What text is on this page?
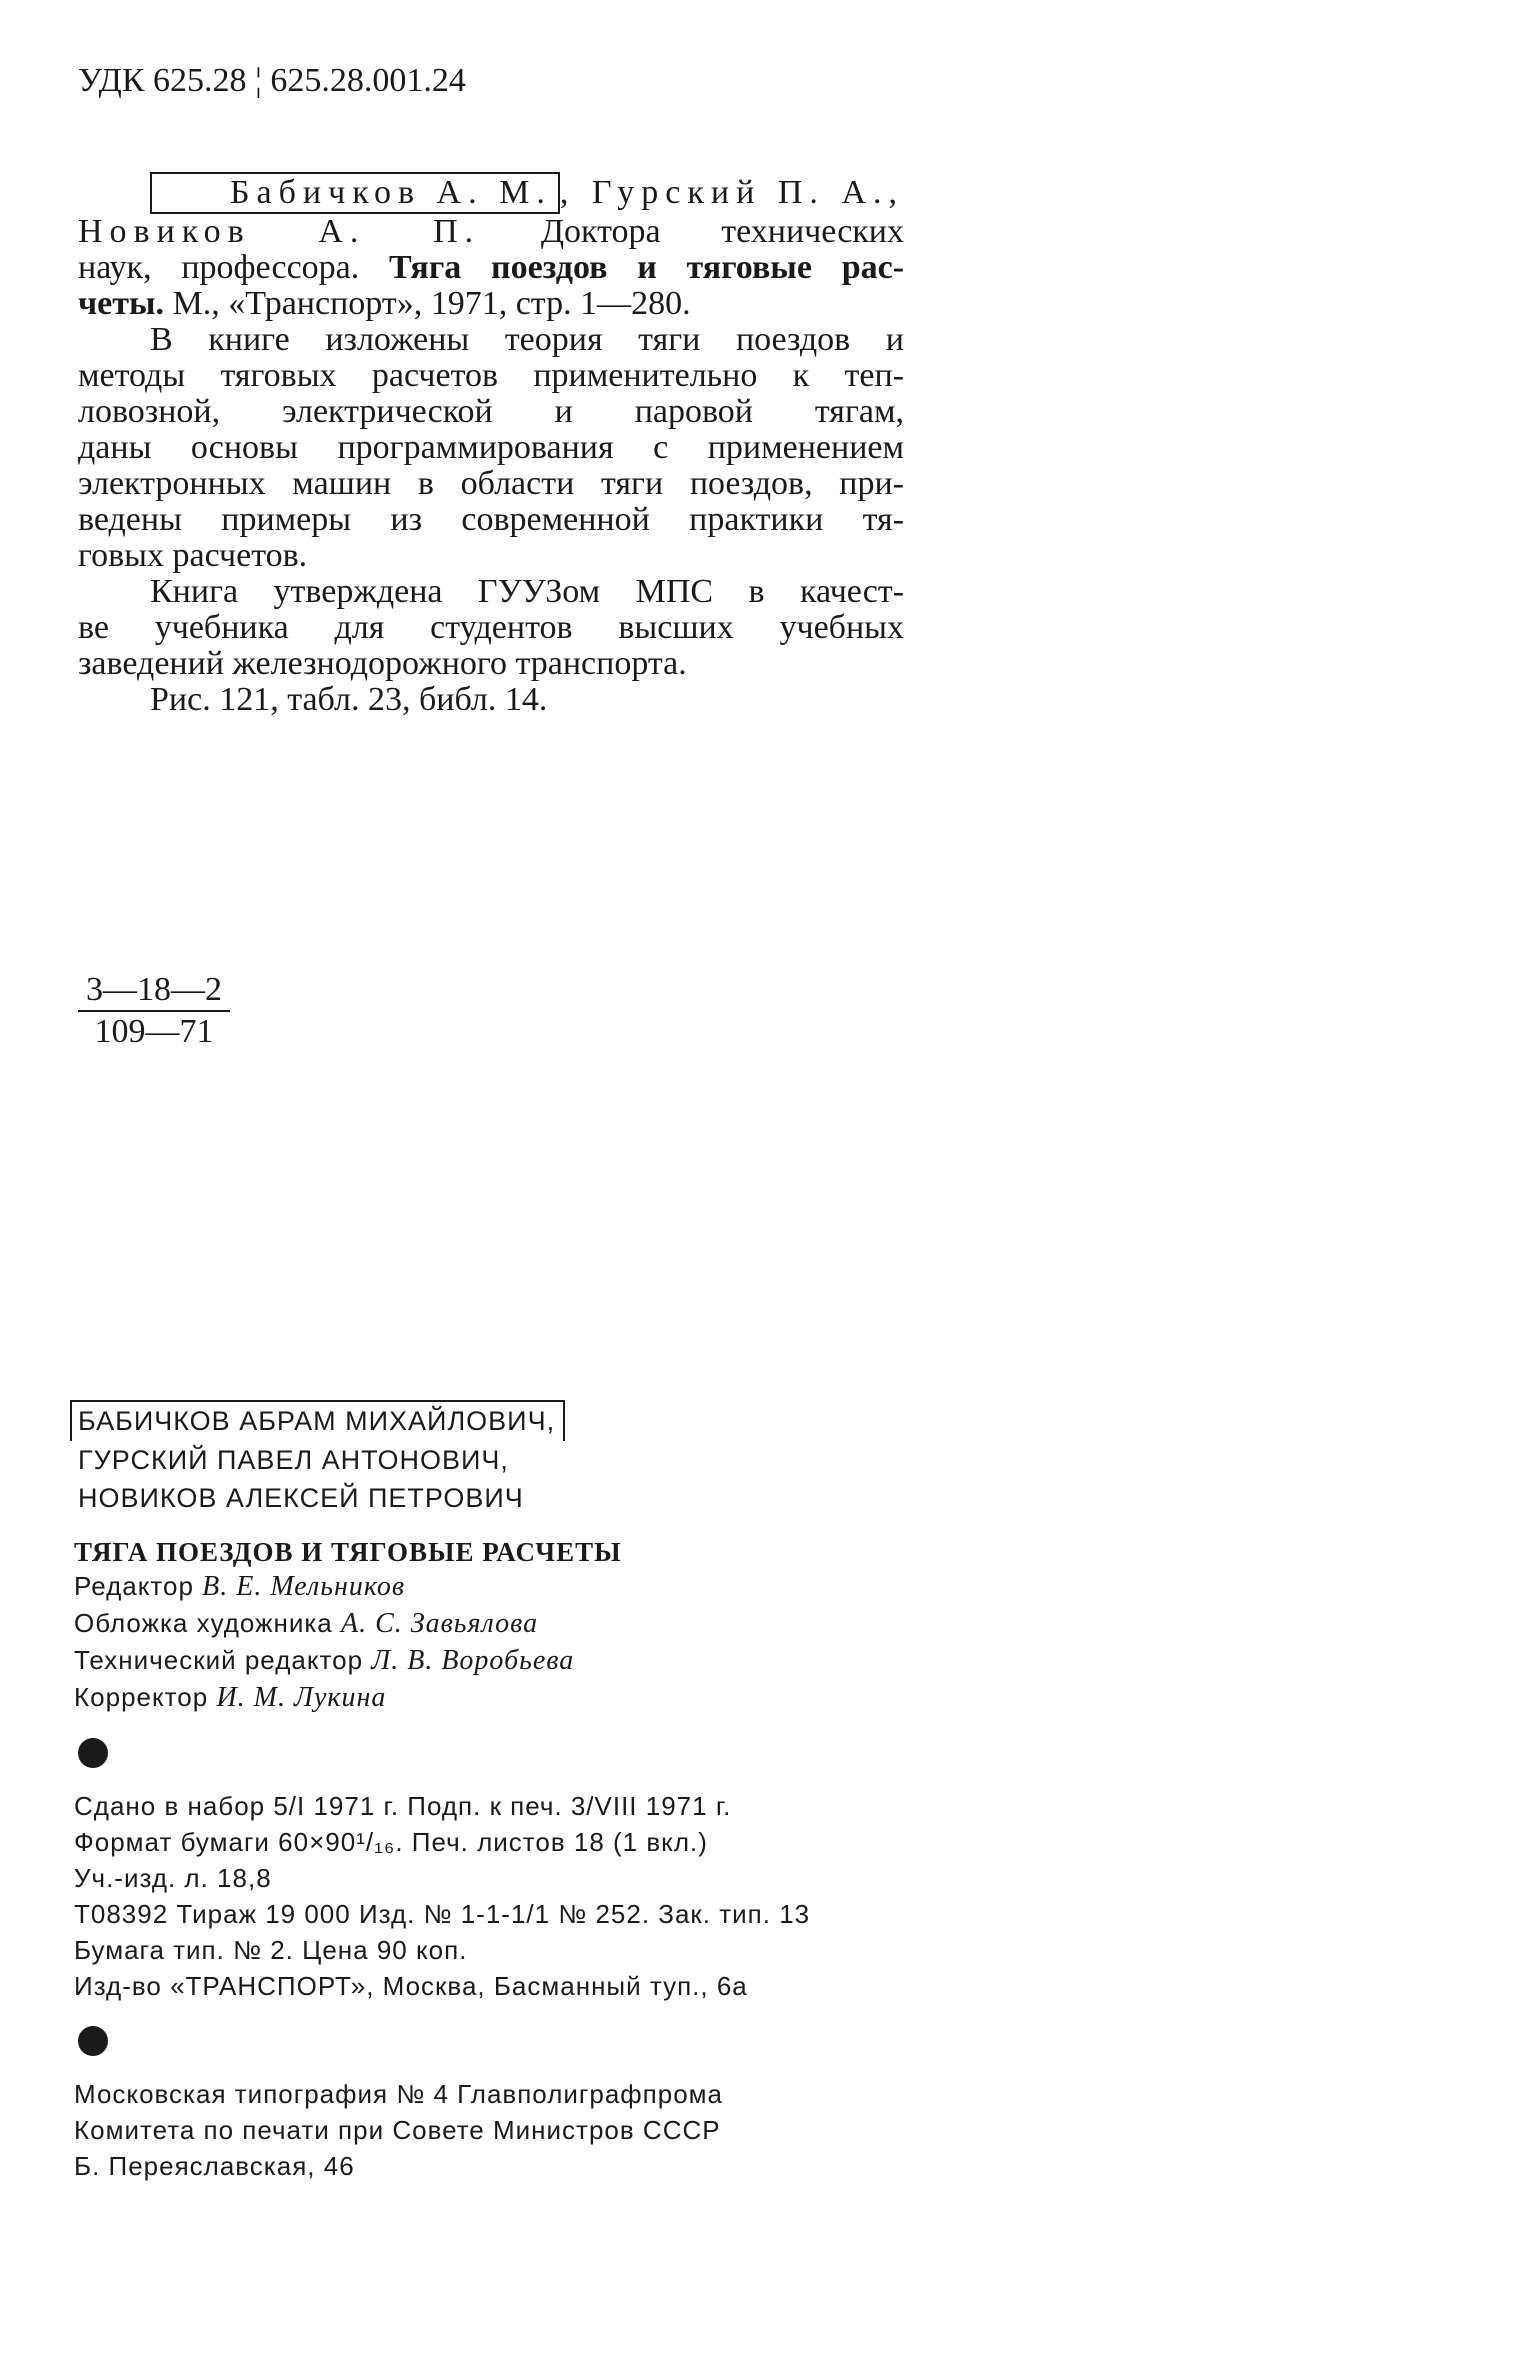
УДК 625.28 ¦ 625.28.001.24

Бабичков А. М. , Гурский П. А.,

Новиков А. П. Доктора технических

наук, профессора. Тяга поездов и тяговые рас-

четы. М., «Транспорт», 1971, стр. 1—280.

В книге изложены теория тяги поездов и

методы тяговых расчетов применительно к теп-

ловозной, электрической и паровой тягам,

даны основы программирования с применением

электронных машин в области тяги поездов, при-

ведены примеры из современной практики тя-

говых расчетов.

Книга утверждена ГУУЗом МПС в качест-

ве учебника для студентов высших учебных

заведений железнодорожного транспорта.

Рис. 121, табл. 23, библ. 14.

3—18—2
109—71
БАБИЧКОВ АБРАМ МИХАЙЛОВИЧ,
ГУРСКИЙ ПАВЕЛ АНТОНОВИЧ,
НОВИКОВ АЛЕКСЕЙ ПЕТРОВИЧ
ТЯГА ПОЕЗДОВ И ТЯГОВЫЕ РАСЧЕТЫ
Редактор В. Е. Мельников
Обложка художника А. С. Завьялова
Технический редактор Л. В. Воробьева
Корректор И. М. Лукина
Сдано в набор 5/I 1971 г. Подп. к печ. 3/VIII 1971 г.
Формат бумаги 60×90¹/₁₆. Печ. листов 18 (1 вкл.)
Уч.-изд. л. 18,8
Т08392 Тираж 19 000 Изд. № 1-1-1/1 № 252. Зак. тип. 13
Бумага тип. № 2. Цена 90 коп.
Изд-во «ТРАНСПОРТ», Москва, Басманный туп., 6а
Московская типография № 4 Главполиграфпрома
Комитета по печати при Совете Министров СССР
Б. Переяславская, 46
